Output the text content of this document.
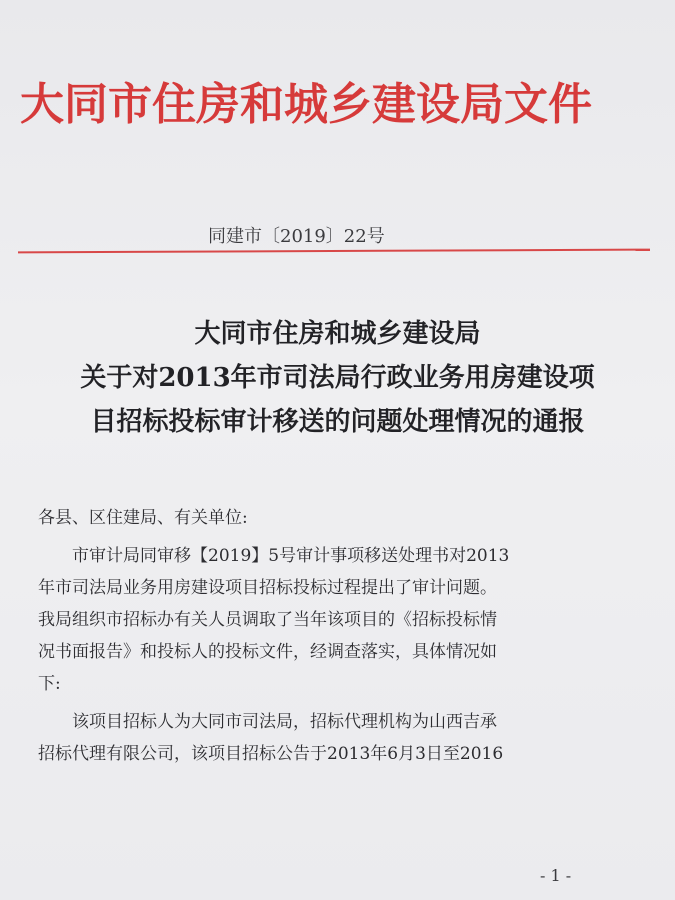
大同市住房和城乡建设局文件
同建市〔2019〕22号
大同市住房和城乡建设局
关于对2013年市司法局行政业务用房建设项
目招标投标审计移送的问题处理情况的通报

各县、区住建局、有关单位:

市审计局同审移【2019】5号审计事项移送处理书对2013

年市司法局业务用房建设项目招标投标过程提出了审计问题。

我局组织市招标办有关人员调取了当年该项目的《招标投标情

况书面报告》和投标人的投标文件，经调查落实，具体情况如

下:

该项目招标人为大同市司法局，招标代理机构为山西吉承

招标代理有限公司，该项目招标公告于2013年6月3日至2016

- 1 -
